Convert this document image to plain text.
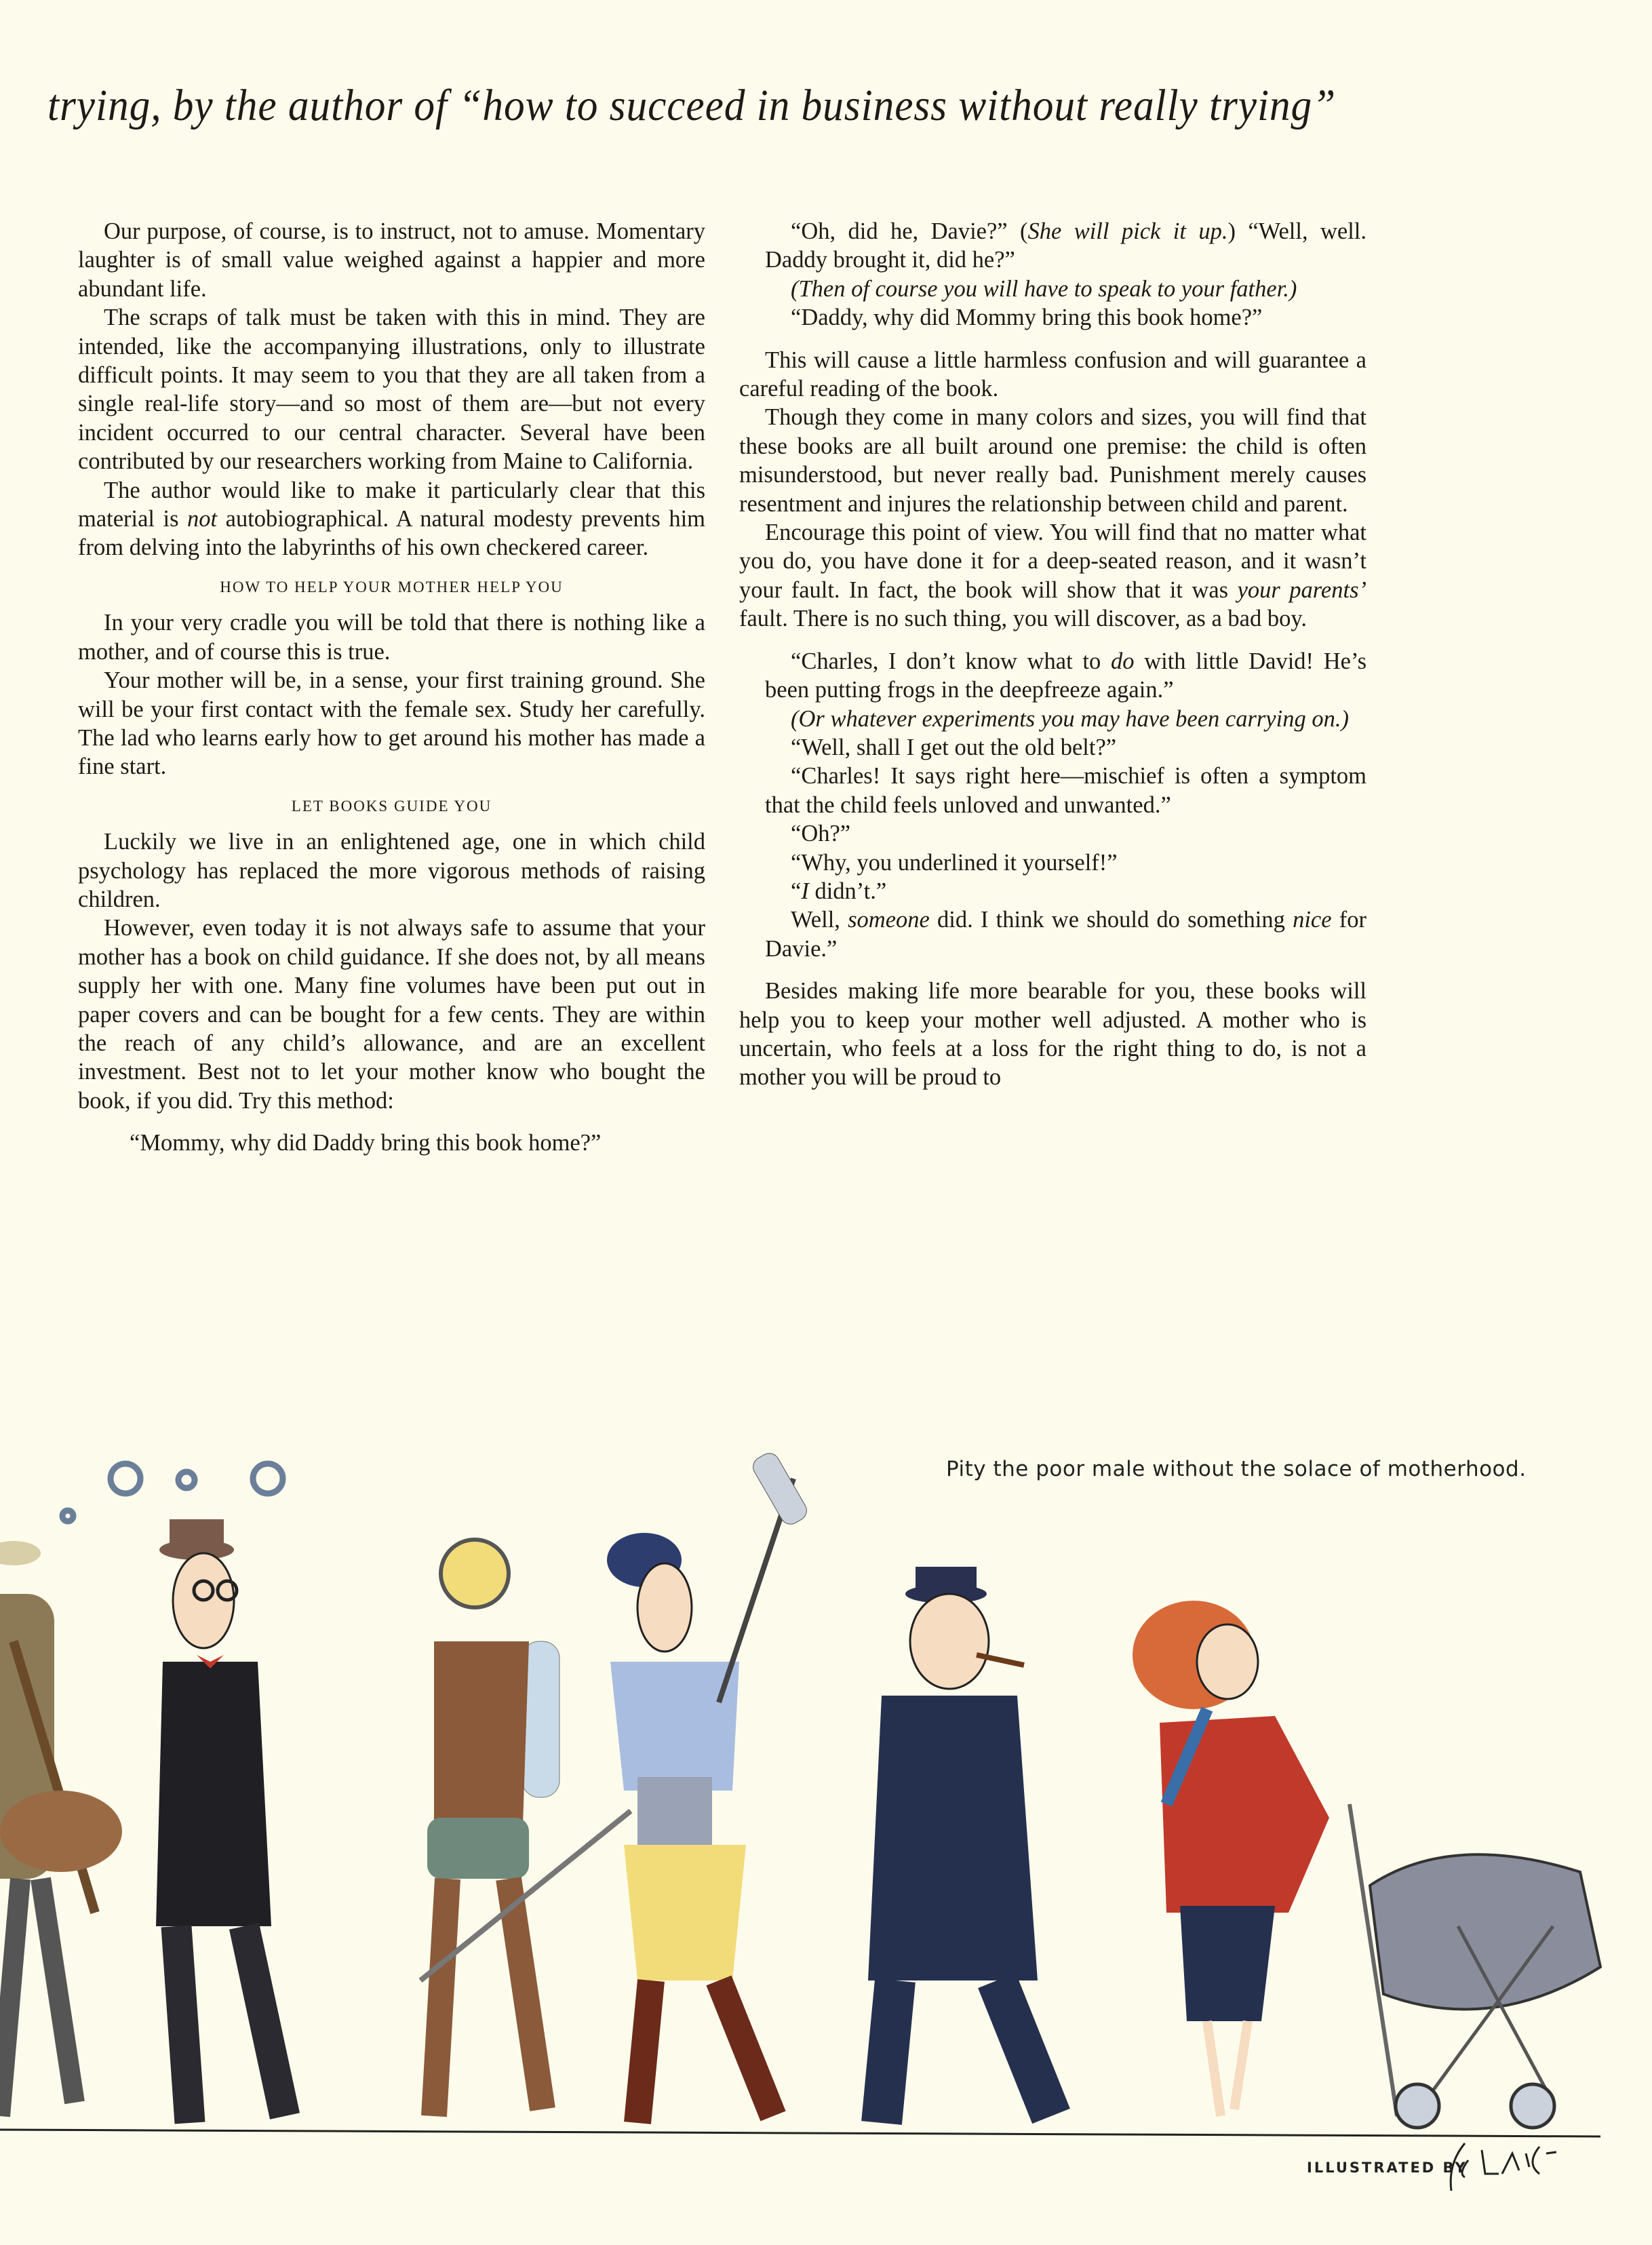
trying, by the author of “how to succeed in business without really trying”

Our purpose, of course, is to instruct, not to amuse. Momentary laughter is of small value weighed against a happier and more abundant life.

The scraps of talk must be taken with this in mind. They are intended, like the accompanying illustrations, only to illustrate difficult points. It may seem to you that they are all taken from a single real-life story—and so most of them are—but not every incident occurred to our central character. Several have been contributed by our researchers working from Maine to California.

The author would like to make it particularly clear that this material is not autobiographical. A natural modesty prevents him from delving into the labyrinths of his own checkered career.

HOW TO HELP YOUR MOTHER HELP YOU

In your very cradle you will be told that there is nothing like a mother, and of course this is true.

Your mother will be, in a sense, your first training ground. She will be your first contact with the female sex. Study her carefully. The lad who learns early how to get around his mother has made a fine start.

LET BOOKS GUIDE YOU

Luckily we live in an enlightened age, one in which child psychology has replaced the more vigorous methods of raising children.

However, even today it is not always safe to assume that your mother has a book on child guidance. If she does not, by all means supply her with one. Many fine volumes have been put out in paper covers and can be bought for a few cents. They are within the reach of any child’s allowance, and are an excellent investment. Best not to let your mother know who bought the book, if you did. Try this method:

“Mommy, why did Daddy bring this book home?”

“Oh, did he, Davie?” (She will pick it up.) “Well, well. Daddy brought it, did he?”

(Then of course you will have to speak to your father.)

“Daddy, why did Mommy bring this book home?”

This will cause a little harmless confusion and will guarantee a careful reading of the book.

Though they come in many colors and sizes, you will find that these books are all built around one premise: the child is often misunderstood, but never really bad. Punishment merely causes resentment and injures the relationship between child and parent.

Encourage this point of view. You will find that no matter what you do, you have done it for a deep-seated reason, and it wasn’t your fault. In fact, the book will show that it was your parents’ fault. There is no such thing, you will discover, as a bad boy.

“Charles, I don’t know what to do with little David! He’s been putting frogs in the deepfreeze again.”

(Or whatever experiments you may have been carrying on.)

“Well, shall I get out the old belt?”

“Charles! It says right here—mischief is often a symptom that the child feels unloved and unwanted.”

“Oh?”

“Why, you underlined it yourself!”

“I didn’t.”

Well, someone did. I think we should do something nice for Davie.”

Besides making life more bearable for you, these books will help you to keep your mother well adjusted. A mother who is uncertain, who feels at a loss for the right thing to do, is not a mother you will be proud to

Pity the poor male without the solace of motherhood.
ILLUSTRATED BY
